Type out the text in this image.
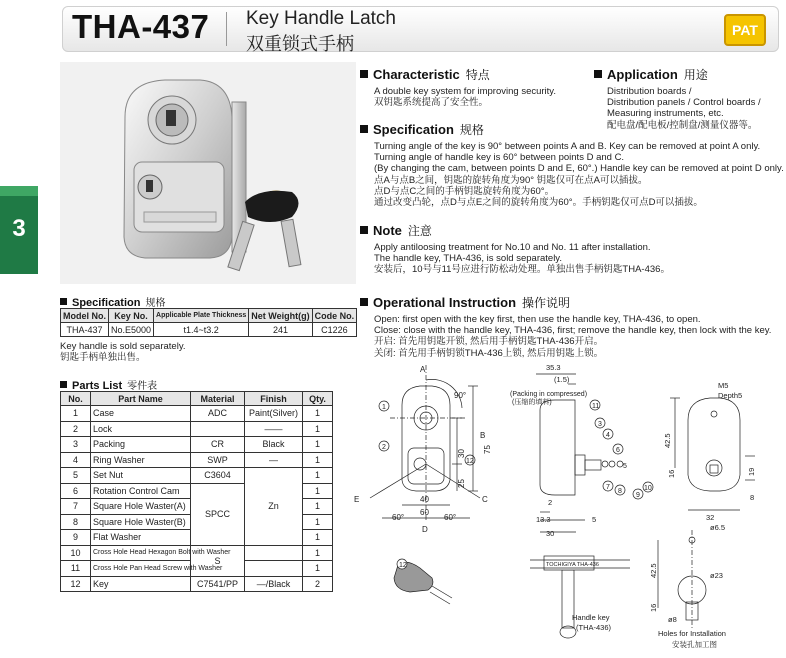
THA-437 Key Handle Latch
双重锁式手柄
PAT
3
Characteristic 特点
A double key system for improving security.
双钥匙系统提高了安全性。
Application 用途
Distribution boards /
Distribution panels / Control boards /
Measuring instruments, etc.
配电盘/配电板/控制盘/测量仪器等。
Specification 规格
Turning angle of the key is 90° between points A and B. Key can be removed at point A only.
Turning angle of handle key is 60° between points D and C.
(By changing the cam, between points D and E, 60°.) Handle key can be removed at point D only.
点A与点B之间，钥匙的旋转角度为90° 钥匙仅可在点A可以插拔。
点D与点C之间的手柄钥匙旋转角度为60°。
通过改变凸轮，点D与点E之间的旋转角度为60°。手柄钥匙仅可点D可以插拔。
Note 注意
Apply antiloosing treatment for No.10 and No. 11 after installation.
The handle key, THA-436, is sold separately.
安装后，10号与11号应进行防松动处理。单独出售手柄钥匙THA-436。
Operational Instruction 操作说明
Open: first open with the key first, then use the handle key, THA-436, to open.
Close: close with the handle key, THA-436, first; remove the handle key, then lock with the key.
开启: 首先用钥匙开锁, 然后用手柄钥匙THA-436开启。
关闭: 首先用手柄钥锁THA-436上锁, 然后用钥匙上锁。
Specification 规格
Model No.	Key No.	Applicable Plate Thickness	Net Weight(g)	Code No.
THA-437	No.E5000	t1.4~t3.2	241	C1226
Key handle is sold separately.
钥匙手柄单独出售。
Parts List 零件表
No.	Part Name	Material	Finish	Qty.
1	Case	ADC	Paint(Silver)	1
2	Lock		——	1
3	Packing	CR	Black	1
4	Ring Washer	SWP	—	1
5	Set Nut	C3604	Zn	1
6	Rotation Control Cam	SPCC		1
7	Square Hole Waster(A)			1
8	Square Hole Waster(B)			1
9	Flat Washer			1
10	Cross Hole Head Hexagon Bolt with Washer	S		1
11	Cross Hole Pan Head Screw with Washer			1
12	Key	C7541/PP	—/Black	2
A
B
C
D
E
90°
60°	60°
75
30
25
40
60
1
2
12
35.3
(1.5)
(Packing in compressed)
(压缩的填料)
2
13.3	5
30
11
3
4
6
7
8
9
10
5
M5
Depth5
42.5
16	19
32
8
ø6.5
12	TOCHIGIYA THA-436
Handle key
(THA-436)
42.5	ø23
16
ø8
Holes for Installation
安装孔加工图
